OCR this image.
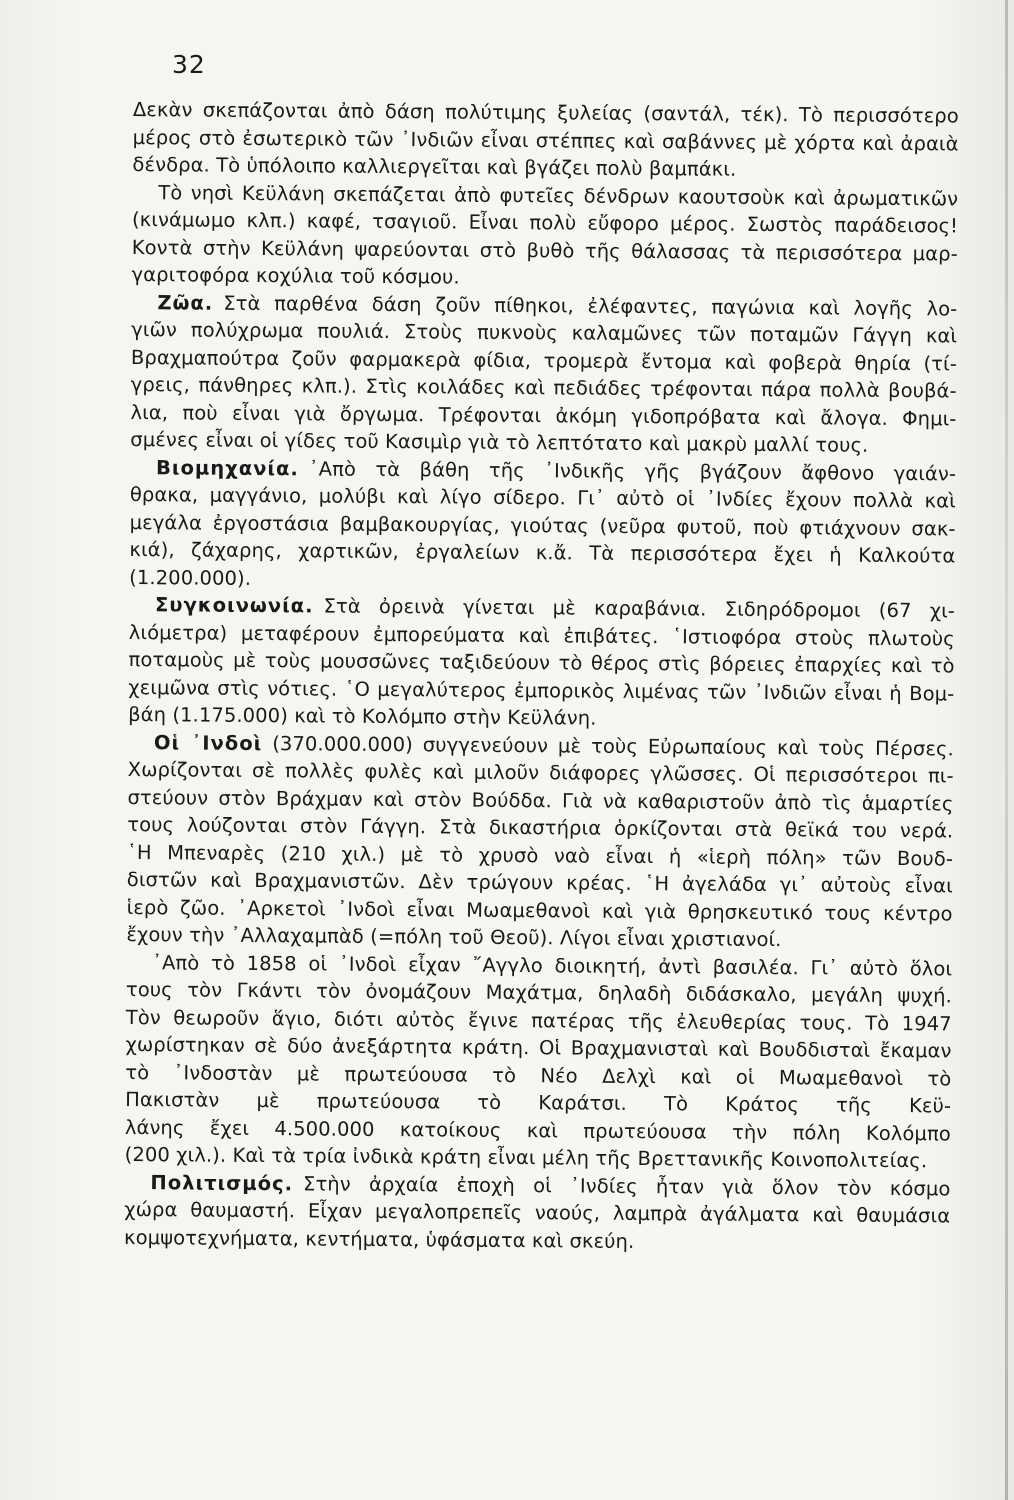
32
Δεκὰν σκεπάζονται ἀπὸ δάση πολύτιμης ξυλείας (σαντάλ, τέκ). Τὸ περισσότερο
μέρος στὸ ἐσωτερικὸ τῶν ᾿Ινδιῶν εἶναι στέππες καὶ σαβάννες μὲ χόρτα καὶ ἀραιὰ
δένδρα. Τὸ ὑπόλοιπο καλλιεργεῖται καὶ βγάζει πολὺ βαμπάκι.
Τὸ νησὶ Κεϋλάνη σκεπάζεται ἀπὸ φυτεῖες δένδρων καουτσοὺκ καὶ ἀρωματικῶν
(κινάμωμο κλπ.) καφέ, τσαγιοῦ. Εἶναι πολὺ εὔφορο μέρος. Σωστὸς παράδεισος!
Κοντὰ στὴν Κεϋλάνη ψαρεύονται στὸ βυθὸ τῆς θάλασσας τὰ περισσότερα μαρ-
γαριτοφόρα κοχύλια τοῦ κόσμου.
Ζῶα. Στὰ παρθένα δάση ζοῦν πίθηκοι, ἐλέφαντες, παγώνια καὶ λογῆς λο-
γιῶν πολύχρωμα πουλιά. Στοὺς πυκνοὺς καλαμῶνες τῶν ποταμῶν Γάγγη καὶ
Βραχμαπούτρα ζοῦν φαρμακερὰ φίδια, τρομερὰ ἔντομα καὶ φοβερὰ θηρία (τί-
γρεις, πάνθηρες κλπ.). Στὶς κοιλάδες καὶ πεδιάδες τρέφονται πάρα πολλὰ βουβά-
λια, ποὺ εἶναι γιὰ ὄργωμα. Τρέφονται ἀκόμη γιδοπρόβατα καὶ ἄλογα. Φημι-
σμένες εἶναι οἱ γίδες τοῦ Κασιμὶρ γιὰ τὸ λεπτότατο καὶ μακρὺ μαλλί τους.
Βιομηχανία. ᾿Απὸ τὰ βάθη τῆς ᾿Ινδικῆς γῆς βγάζουν ἄφθονο γαιάν-
θρακα, μαγγάνιο, μολύβι καὶ λίγο σίδερο. Γι᾿ αὐτὸ οἱ ᾿Ινδίες ἔχουν πολλὰ καὶ
μεγάλα ἐργοστάσια βαμβακουργίας, γιούτας (νεῦρα φυτοῦ, ποὺ φτιάχνουν σακ-
κιά), ζάχαρης, χαρτικῶν, ἐργαλείων κ.ἄ. Τὰ περισσότερα ἔχει ἡ Καλκούτα
(1.200.000).
Συγκοινωνία. Στὰ ὀρεινὰ γίνεται μὲ καραβάνια. Σιδηρόδρομοι (67 χι-
λιόμετρα) μεταφέρουν ἐμπορεύματα καὶ ἐπιβάτες. ῾Ιστιοφόρα στοὺς πλωτοὺς
ποταμοὺς μὲ τοὺς μουσσῶνες ταξιδεύουν τὸ θέρος στὶς βόρειες ἐπαρχίες καὶ τὸ
χειμῶνα στὶς νότιες. ῾Ο μεγαλύτερος ἐμπορικὸς λιμένας τῶν ᾿Ινδιῶν εἶναι ἡ Βομ-
βάη (1.175.000) καὶ τὸ Κολόμπο στὴν Κεϋλάνη.
Οἱ ᾿Ινδοὶ (370.000.000) συγγενεύουν μὲ τοὺς Εὐρωπαίους καὶ τοὺς Πέρσες.
Χωρίζονται σὲ πολλὲς φυλὲς καὶ μιλοῦν διάφορες γλῶσσες. Οἱ περισσότεροι πι-
στεύουν στὸν Βράχμαν καὶ στὸν Βούδδα. Γιὰ νὰ καθαριστοῦν ἀπὸ τὶς ἁμαρτίες
τους λούζονται στὸν Γάγγη. Στὰ δικαστήρια ὁρκίζονται στὰ θεϊκά του νερά.
῾Η Μπεναρὲς (210 χιλ.) μὲ τὸ χρυσὸ ναὸ εἶναι ἡ «ἱερὴ πόλη» τῶν Βουδ-
διστῶν καὶ Βραχμανιστῶν. Δὲν τρώγουν κρέας. ῾Η ἀγελάδα γι᾿ αὐτοὺς εἶναι
ἱερὸ ζῶο. ᾿Αρκετοὶ ᾿Ινδοὶ εἶναι Μωαμεθανοὶ καὶ γιὰ θρησκευτικό τους κέντρο
ἔχουν τὴν ᾿Αλλαχαμπὰδ (=πόλη τοῦ Θεοῦ). Λίγοι εἶναι χριστιανοί.
᾿Απὸ τὸ 1858 οἱ ᾿Ινδοὶ εἶχαν ῎Αγγλο διοικητή, ἀντὶ βασιλέα. Γι᾿ αὐτὸ ὅλοι
τους τὸν Γκάντι τὸν ὀνομάζουν Μαχάτμα, δηλαδὴ διδάσκαλο, μεγάλη ψυχή.
Τὸν θεωροῦν ἅγιο, διότι αὐτὸς ἔγινε πατέρας τῆς ἐλευθερίας τους. Τὸ 1947
χωρίστηκαν σὲ δύο ἀνεξάρτητα κράτη. Οἱ Βραχμανισταὶ καὶ Βουδδισταὶ ἔκαμαν
τὸ ᾿Ινδοστὰν μὲ πρωτεύουσα τὸ Νέο Δελχὶ καὶ οἱ Μωαμεθανοὶ τὸ
Πακιστὰν μὲ πρωτεύουσα τὸ Καράτσι. Τὸ Κράτος τῆς Κεϋ-
λάνης ἔχει 4.500.000 κατοίκους καὶ πρωτεύουσα τὴν πόλη Κολόμπο
(200 χιλ.). Καὶ τὰ τρία ἰνδικὰ κράτη εἶναι μέλη τῆς Βρεττανικῆς Κοινοπολιτείας.
Πολιτισμός. Στὴν ἀρχαία ἐποχὴ οἱ ᾿Ινδίες ἦταν γιὰ ὅλον τὸν κόσμο
χώρα θαυμαστή. Εἶχαν μεγαλοπρεπεῖς ναούς, λαμπρὰ ἀγάλματα καὶ θαυμάσια
κομψοτεχνήματα, κεντήματα, ὑφάσματα καὶ σκεύη.
